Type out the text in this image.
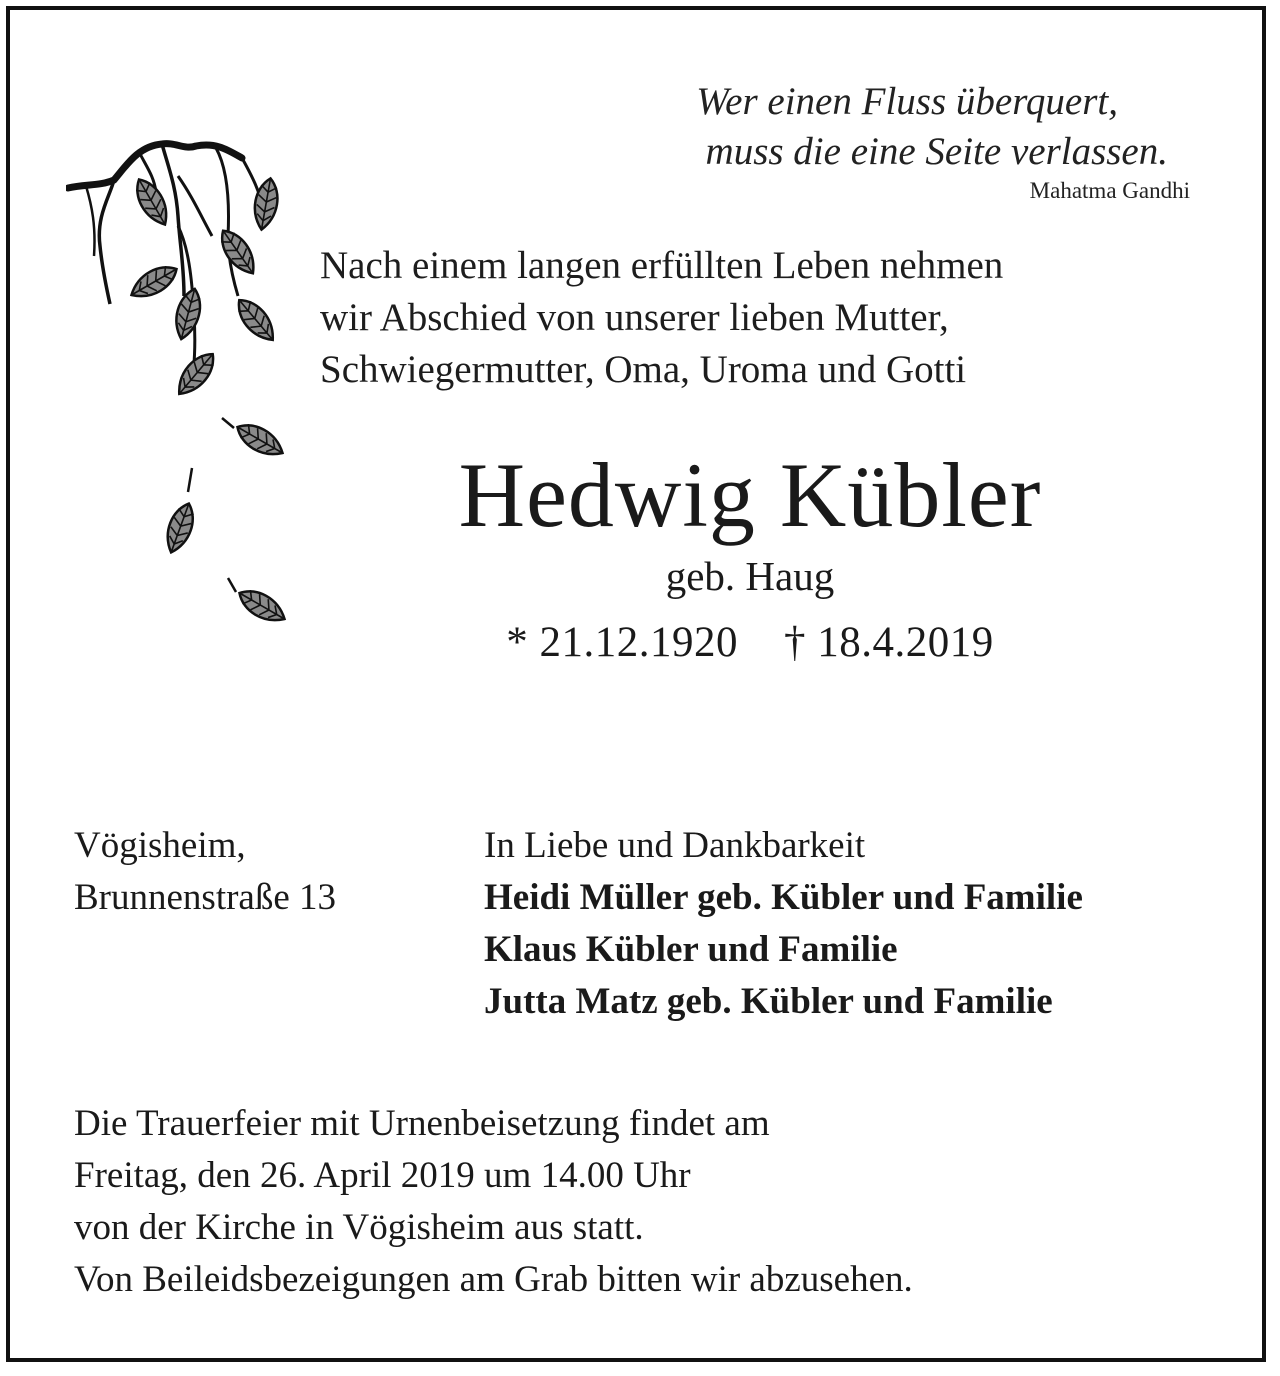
Wer einen Fluss überquert,
muss die eine Seite verlassen.
Mahatma Gandhi
Nach einem langen erfüllten Leben nehmen
wir Abschied von unserer lieben Mutter,
Schwiegermutter, Oma, Uroma und Gotti
Hedwig Kübler
geb. Haug
* 21.12.1920 † 18.4.2019
Vögisheim,
Brunnenstraße 13
In Liebe und Dankbarkeit
Heidi Müller geb. Kübler und Familie
Klaus Kübler und Familie
Jutta Matz geb. Kübler und Familie
Die Trauerfeier mit Urnenbeisetzung findet am
Freitag, den 26. April 2019 um 14.00 Uhr
von der Kirche in Vögisheim aus statt.
Von Beileidsbezeigungen am Grab bitten wir abzusehen.
